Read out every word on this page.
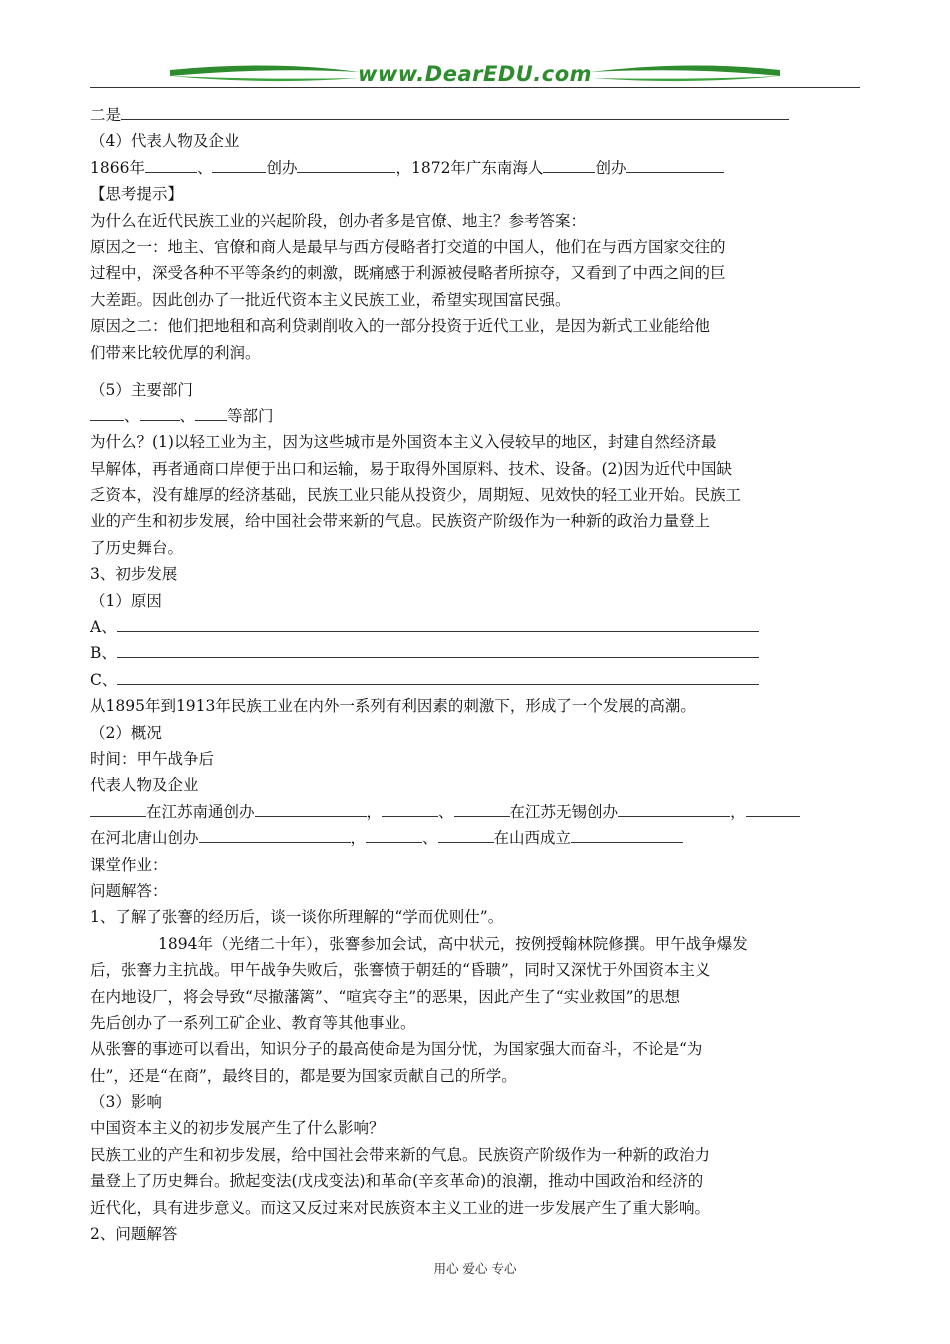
www.DearEDU.com
二是
（4）代表人物及企业
1866年	、	创办	，1872年广东南海人	创办
【思考提示】
为什么在近代民族工业的兴起阶段，创办者多是官僚、地主？参考答案：
原因之一：地主、官僚和商人是最早与西方侵略者打交道的中国人，他们在与西方国家交往的
过程中，深受各种不平等条约的刺激，既痛感于利源被侵略者所掠夺，又看到了中西之间的巨
大差距。因此创办了一批近代资本主义民族工业，希望实现国富民强。
原因之二：他们把地租和高利贷剥削收入的一部分投资于近代工业，是因为新式工业能给他
们带来比较优厚的利润。
（5）主要部门
、	、 等部门
为什么？(1)以轻工业为主，因为这些城市是外国资本主义入侵较早的地区，封建自然经济最
早解体，再者通商口岸便于出口和运输，易于取得外国原料、技术、设备。(2)因为近代中国缺
乏资本，没有雄厚的经济基础，民族工业只能从投资少，周期短、见效快的轻工业开始。民族工
业的产生和初步发展，给中国社会带来新的气息。民族资产阶级作为一种新的政治力量登上
了历史舞台。
3、初步发展
（1）原因
A、
B、
C、
从1895年到1913年民族工业在内外一系列有利因素的刺激下，形成了一个发展的高潮。
（2）概况
时间：甲午战争后
代表人物及企业
在江苏南通创办	，	、	在江苏无锡创办	，
在河北唐山创办	，	、	在山西成立
课堂作业：
问题解答：
1、了解了张謇的经历后，谈一谈你所理解的“学而优则仕”。
1894年（光绪二十年），张謇参加会试，高中状元，按例授翰林院修撰。甲午战争爆发
后，张謇力主抗战。甲午战争失败后，张謇愤于朝廷的“昏聩”，同时又深忧于外国资本主义
在内地设厂，将会导致“尽撤藩篱”、“喧宾夺主”的恶果，因此产生了“实业救国”的思想
先后创办了一系列工矿企业、教育等其他事业。
从张謇的事迹可以看出，知识分子的最高使命是为国分忧，为国家强大而奋斗，不论是“为
仕”，还是“在商”，最终目的，都是要为国家贡献自己的所学。
（3）影响
中国资本主义的初步发展产生了什么影响？
民族工业的产生和初步发展，给中国社会带来新的气息。民族资产阶级作为一种新的政治力
量登上了历史舞台。掀起变法(戊戌变法)和革命(辛亥革命)的浪潮，推动中国政治和经济的
近代化，具有进步意义。而这又反过来对民族资本主义工业的进一步发展产生了重大影响。
2、问题解答
用心 爱心 专心
